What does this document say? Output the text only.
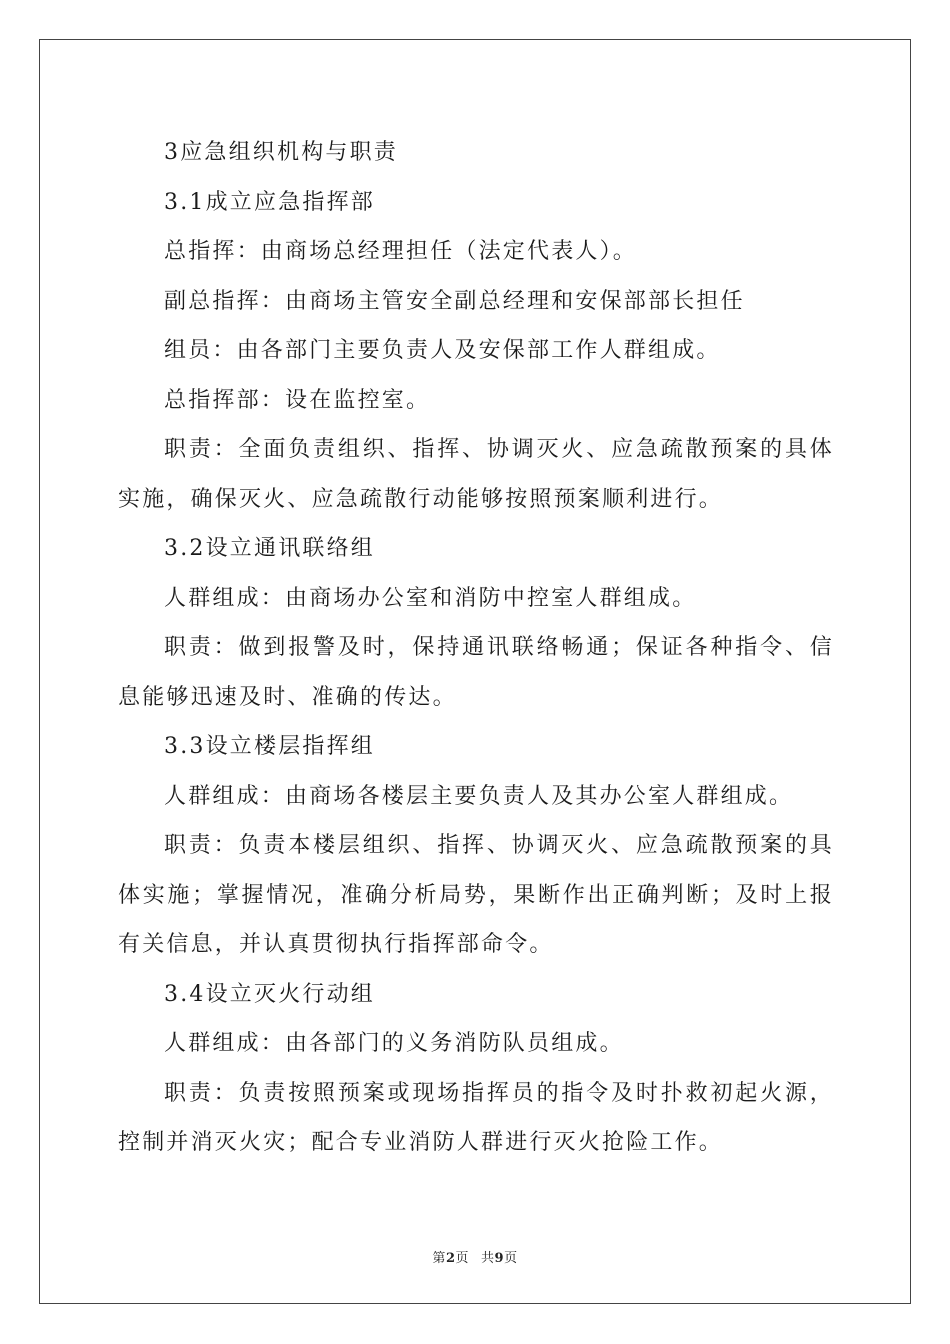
3应急组织机构与职责

3.1成立应急指挥部

总指挥：由商场总经理担任（法定代表人）。

副总指挥：由商场主管安全副总经理和安保部部长担任

组员：由各部门主要负责人及安保部工作人群组成。

总指挥部：设在监控室。

职责：全面负责组织、指挥、协调灭火、应急疏散预案的具体实施，确保灭火、应急疏散行动能够按照预案顺利进行。

3.2设立通讯联络组

人群组成：由商场办公室和消防中控室人群组成。

职责：做到报警及时，保持通讯联络畅通；保证各种指令、信息能够迅速及时、准确的传达。

3.3设立楼层指挥组

人群组成：由商场各楼层主要负责人及其办公室人群组成。

职责：负责本楼层组织、指挥、协调灭火、应急疏散预案的具体实施；掌握情况，准确分析局势，果断作出正确判断；及时上报有关信息，并认真贯彻执行指挥部命令。

3.4设立灭火行动组

人群组成：由各部门的义务消防队员组成。

职责：负责按照预案或现场指挥员的指令及时扑救初起火源，控制并消灭火灾；配合专业消防人群进行灭火抢险工作。

第2页 共9页
